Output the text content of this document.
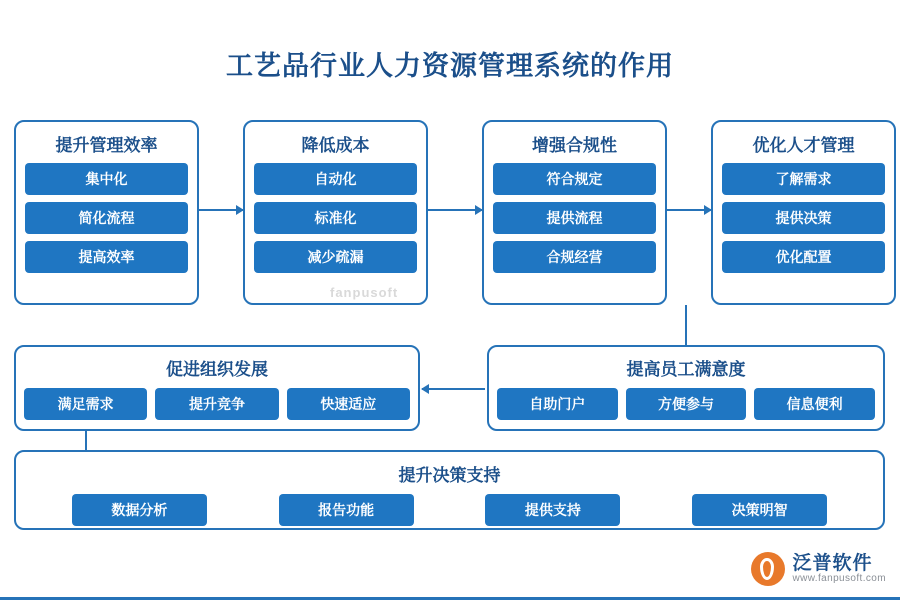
工艺品行业人力资源管理系统的作用
提升管理效率
集中化
简化流程
提高效率
降低成本
自动化
标准化
减少疏漏
增强合规性
符合规定
提供流程
合规经营
优化人才管理
了解需求
提供决策
优化配置
fanpusoft
促进组织发展
满足需求	提升竞争	快速适应
提高员工满意度
自助门户	方便参与	信息便利
提升决策支持
数据分析	报告功能	提供支持	决策明智
泛普软件
www.fanpusoft.com
